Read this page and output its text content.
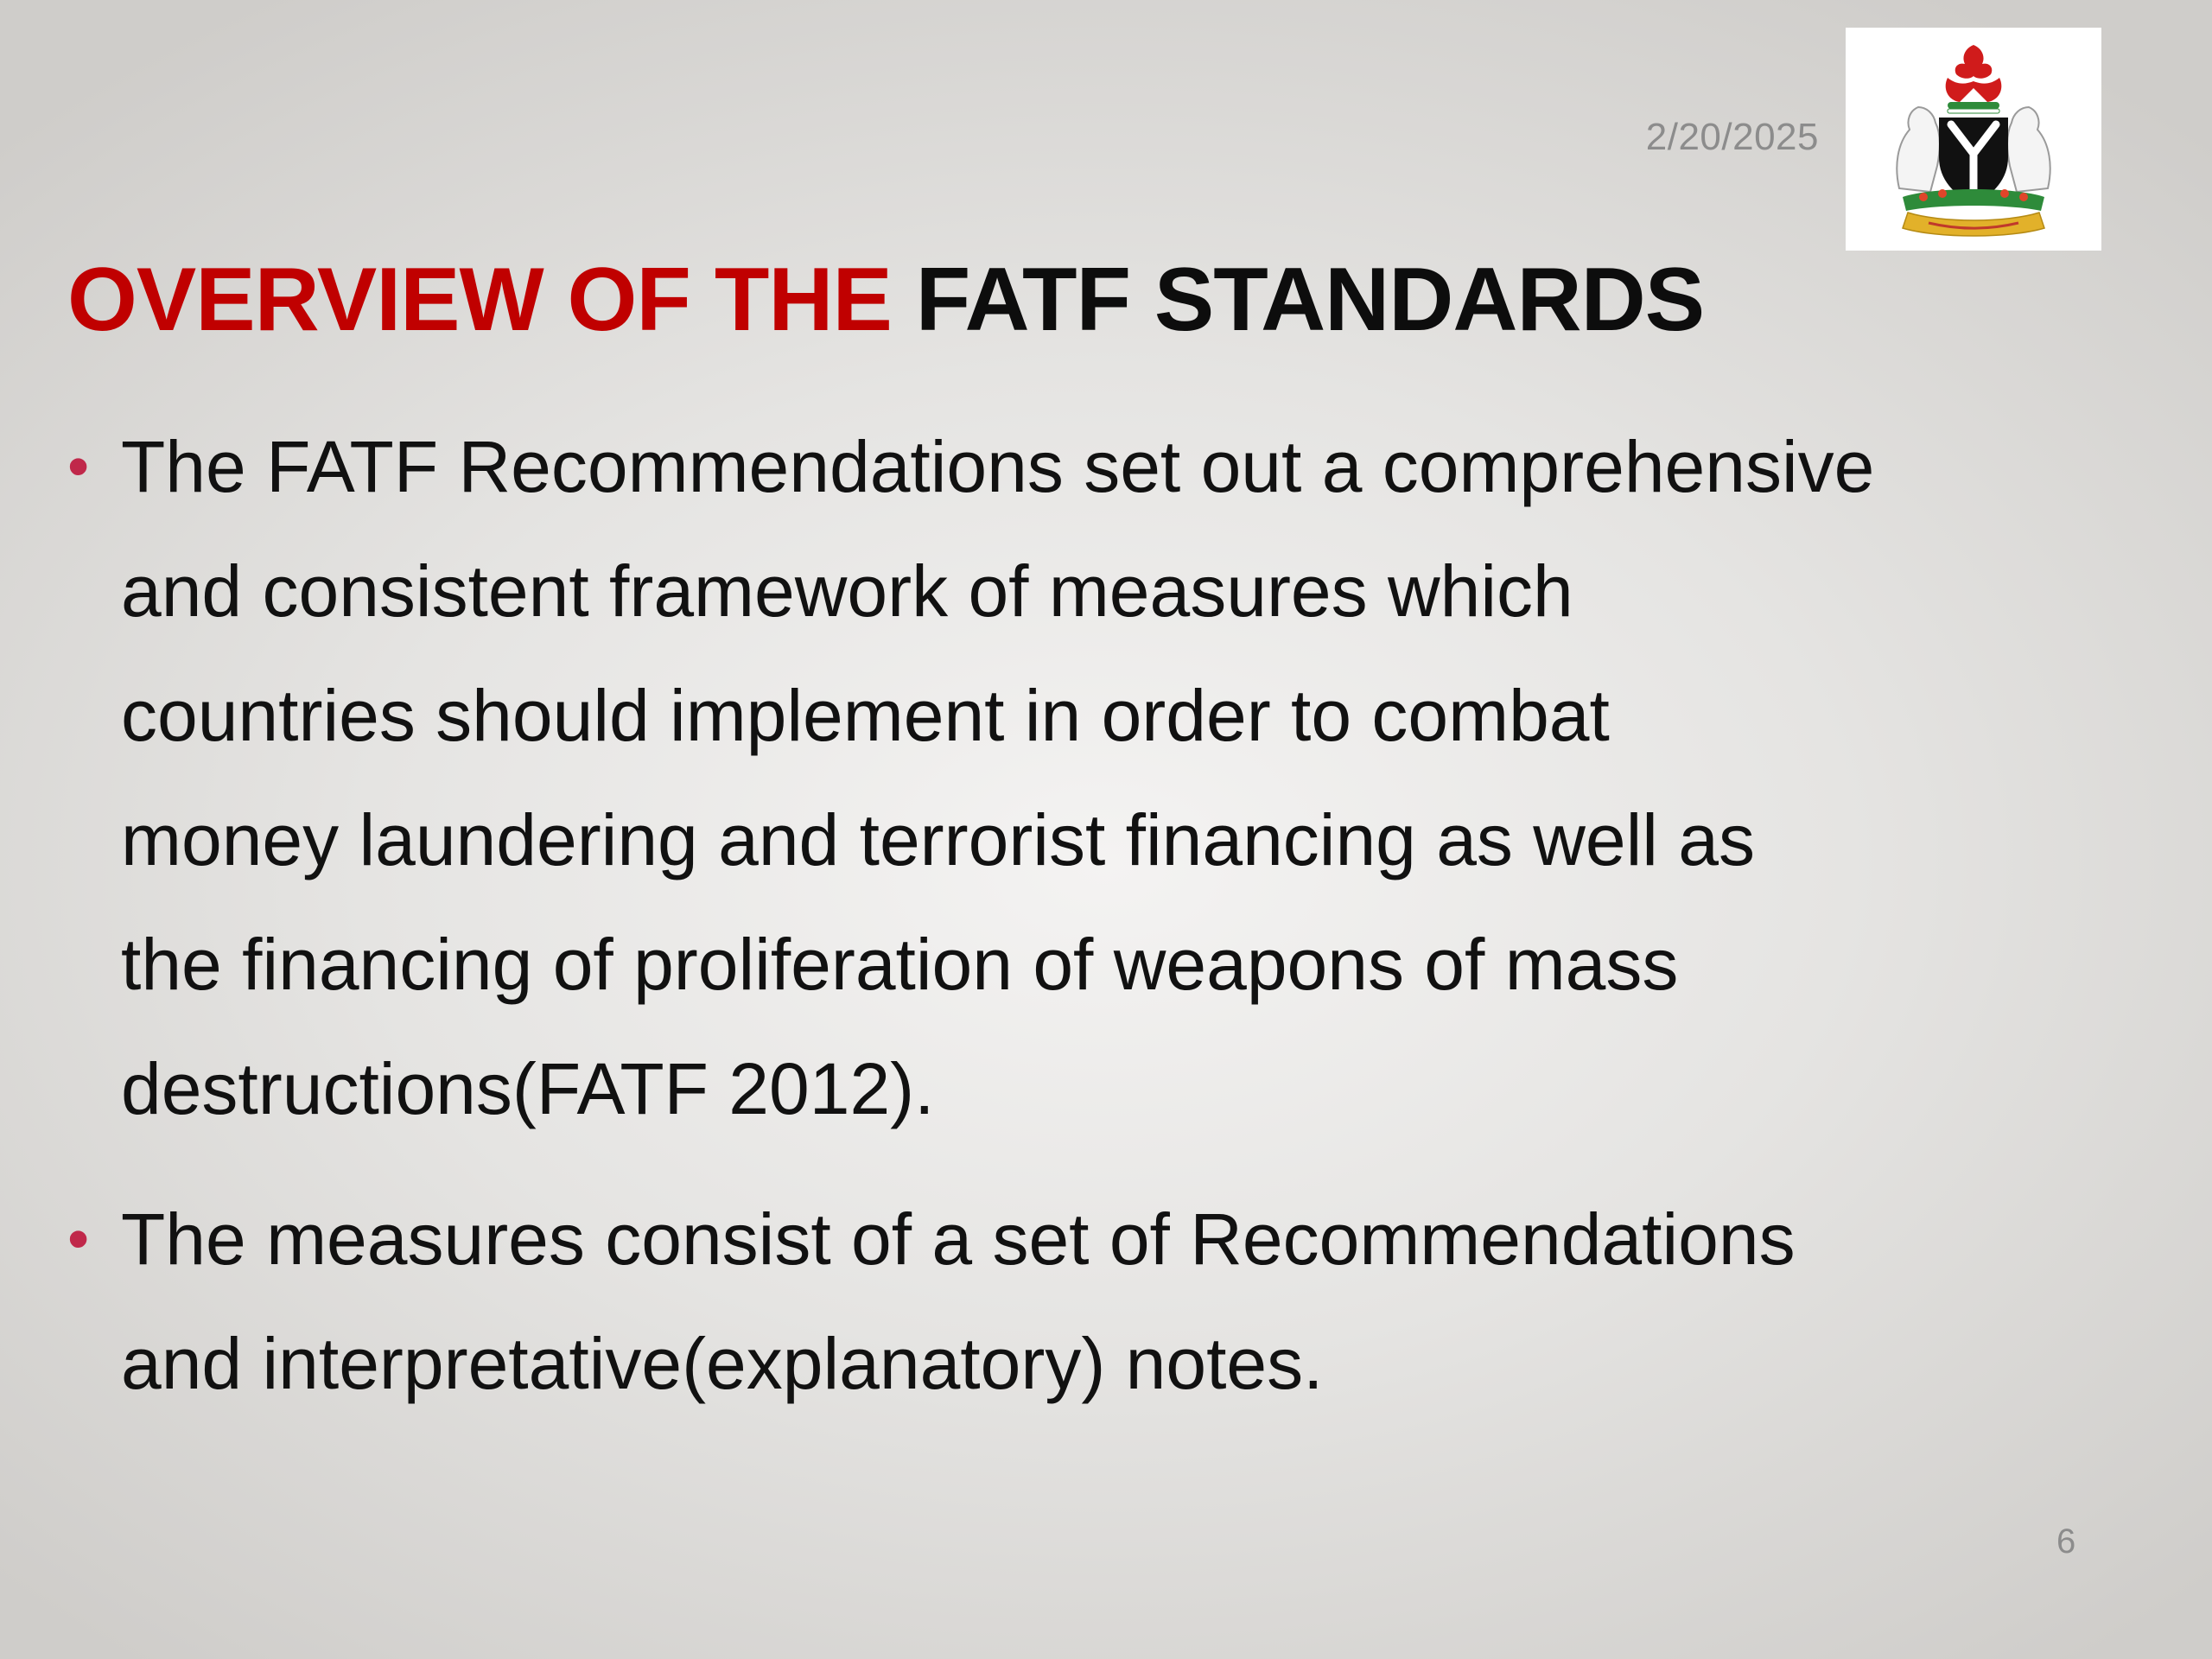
2/20/2025
OVERVIEW OF THE FATF STANDARDS
• The FATF Recommendations set out a comprehensive
and consistent framework of measures which
countries should implement in order to combat
money laundering and terrorist financing as well as
the financing of proliferation of weapons of mass
destructions(FATF 2012).
• The measures consist of a set of Recommendations
and interpretative(explanatory) notes.
6
